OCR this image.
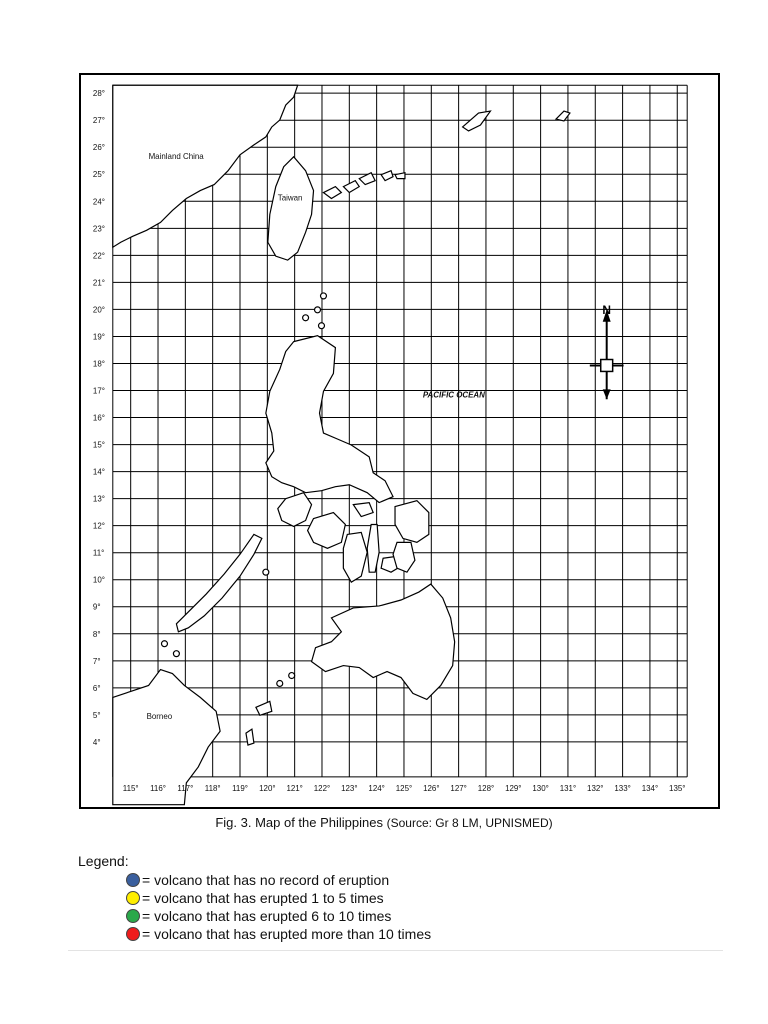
N
Mainland China
Taiwan
PACIFIC OCEAN
Borneo
28°
27°
26°
25°
24°
23°
22°
21°
20°
19°
18°
17°
16°
15°
14°
13°
12°
11°
10°
9°
8°
7°
6°
5°
4°
115° 116° 117° 118° 119° 120° 121° 122° 123° 124° 125° 126° 127° 128° 129° 130° 131° 132° 133° 134° 135°
Fig. 3. Map of the Philippines (Source: Gr 8 LM, UPNISMED)
Legend:
= volcano that has no record of eruption
= volcano that has erupted 1 to 5 times
= volcano that has erupted 6 to 10 times
= volcano that has erupted more than 10 times
